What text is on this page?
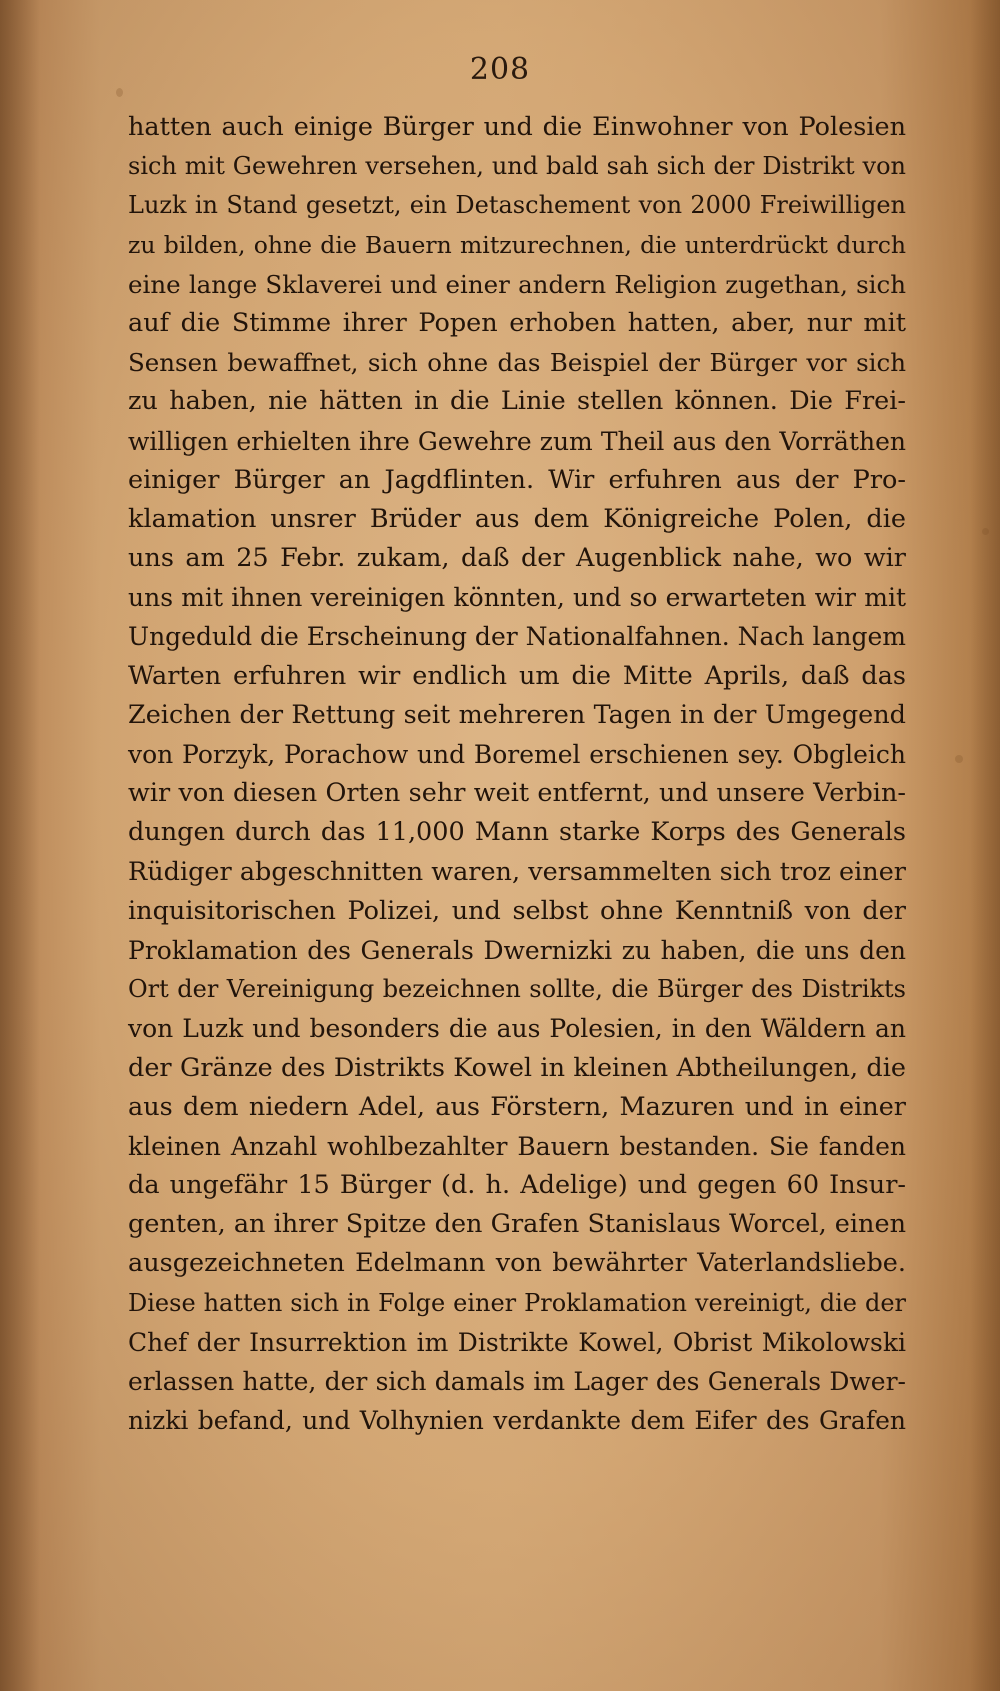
208
hatten auch einige Bürger und die Einwohner von Polesien
sich mit Gewehren versehen, und bald sah sich der Distrikt von
Luzk in Stand gesetzt, ein Detaschement von 2000 Freiwilligen
zu bilden, ohne die Bauern mitzurechnen, die unterdrückt durch
eine lange Sklaverei und einer andern Religion zugethan, sich
auf die Stimme ihrer Popen erhoben hatten, aber, nur mit
Sensen bewaffnet, sich ohne das Beispiel der Bürger vor sich
zu haben, nie hätten in die Linie stellen können. Die Frei-
willigen erhielten ihre Gewehre zum Theil aus den Vorräthen
einiger Bürger an Jagdflinten. Wir erfuhren aus der Pro-
klamation unsrer Brüder aus dem Königreiche Polen, die
uns am 25 Febr. zukam, daß der Augenblick nahe, wo wir
uns mit ihnen vereinigen könnten, und so erwarteten wir mit
Ungeduld die Erscheinung der Nationalfahnen. Nach langem
Warten erfuhren wir endlich um die Mitte Aprils, daß das
Zeichen der Rettung seit mehreren Tagen in der Umgegend
von Porzyk, Porachow und Boremel erschienen sey. Obgleich
wir von diesen Orten sehr weit entfernt, und unsere Verbin-
dungen durch das 11,000 Mann starke Korps des Generals
Rüdiger abgeschnitten waren, versammelten sich troz einer
inquisitorischen Polizei, und selbst ohne Kenntniß von der
Proklamation des Generals Dwernizki zu haben, die uns den
Ort der Vereinigung bezeichnen sollte, die Bürger des Distrikts
von Luzk und besonders die aus Polesien, in den Wäldern an
der Gränze des Distrikts Kowel in kleinen Abtheilungen, die
aus dem niedern Adel, aus Förstern, Mazuren und in einer
kleinen Anzahl wohlbezahlter Bauern bestanden. Sie fanden
da ungefähr 15 Bürger (d. h. Adelige) und gegen 60 Insur-
genten, an ihrer Spitze den Grafen Stanislaus Worcel, einen
ausgezeichneten Edelmann von bewährter Vaterlandsliebe.
Diese hatten sich in Folge einer Proklamation vereinigt, die der
Chef der Insurrektion im Distrikte Kowel, Obrist Mikolowski
erlassen hatte, der sich damals im Lager des Generals Dwer-
nizki befand, und Volhynien verdankte dem Eifer des Grafen
